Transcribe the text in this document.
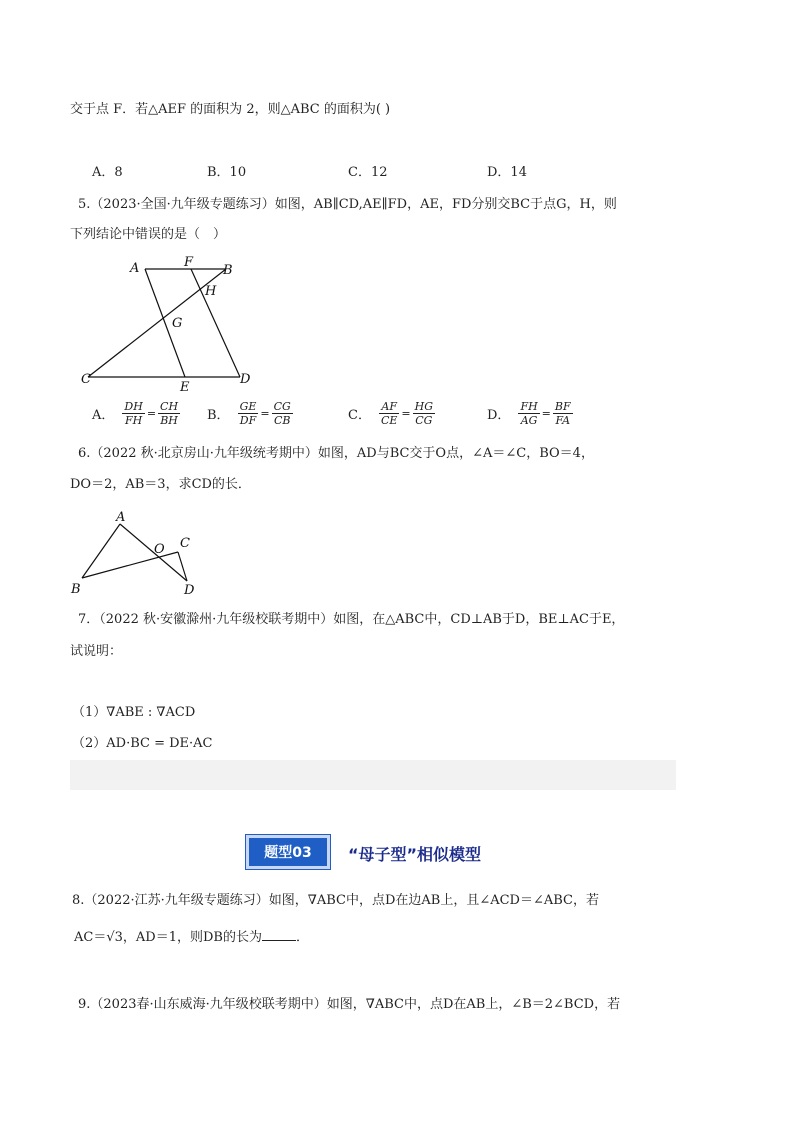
交于点 F．若△AEF 的面积为 2，则△ABC 的面积为( )
A．8	B．10	C．12	D．14
5.（2023·全国·九年级专题练习）如图，AB∥CD,AE∥FD，AE，FD分别交BC于点G，H，则
下列结论中错误的是（　）
A	F
B
H
G
C
E
D
A． $\frac{DH}{FH} = \frac{CH}{BH}$ B． $\frac{GE}{DF} = \frac{CG}{CB}$	C． $\frac{AF}{CE} = \frac{HG}{CG}$	D． $\frac{FH}{AG} = \frac{BF}{FA}$
6.（2022 秋·北京房山·九年级统考期中）如图，AD与BC交于O点，∠A＝∠C，BO＝4，
DO＝2，AB＝3，求CD的长．
A
O C
B	D
7．（2022 秋·安徽滁州·九年级校联考期中）如图，在△ABC中，CD⊥AB于D，BE⊥AC于E，
试说明：
（1）∇ABE : ∇ACD
（2）AD·BC = DE·AC
题型03	“母子型”相似模型
8.（2022·江苏·九年级专题练习）如图，∇ABC中，点D在边AB上，且∠ACD＝∠ABC，若
AC＝√3，AD＝1，则DB的长为	．
9.（2023春·山东威海·九年级校联考期中）如图，∇ABC中，点D在AB上，∠B＝2∠BCD，若
